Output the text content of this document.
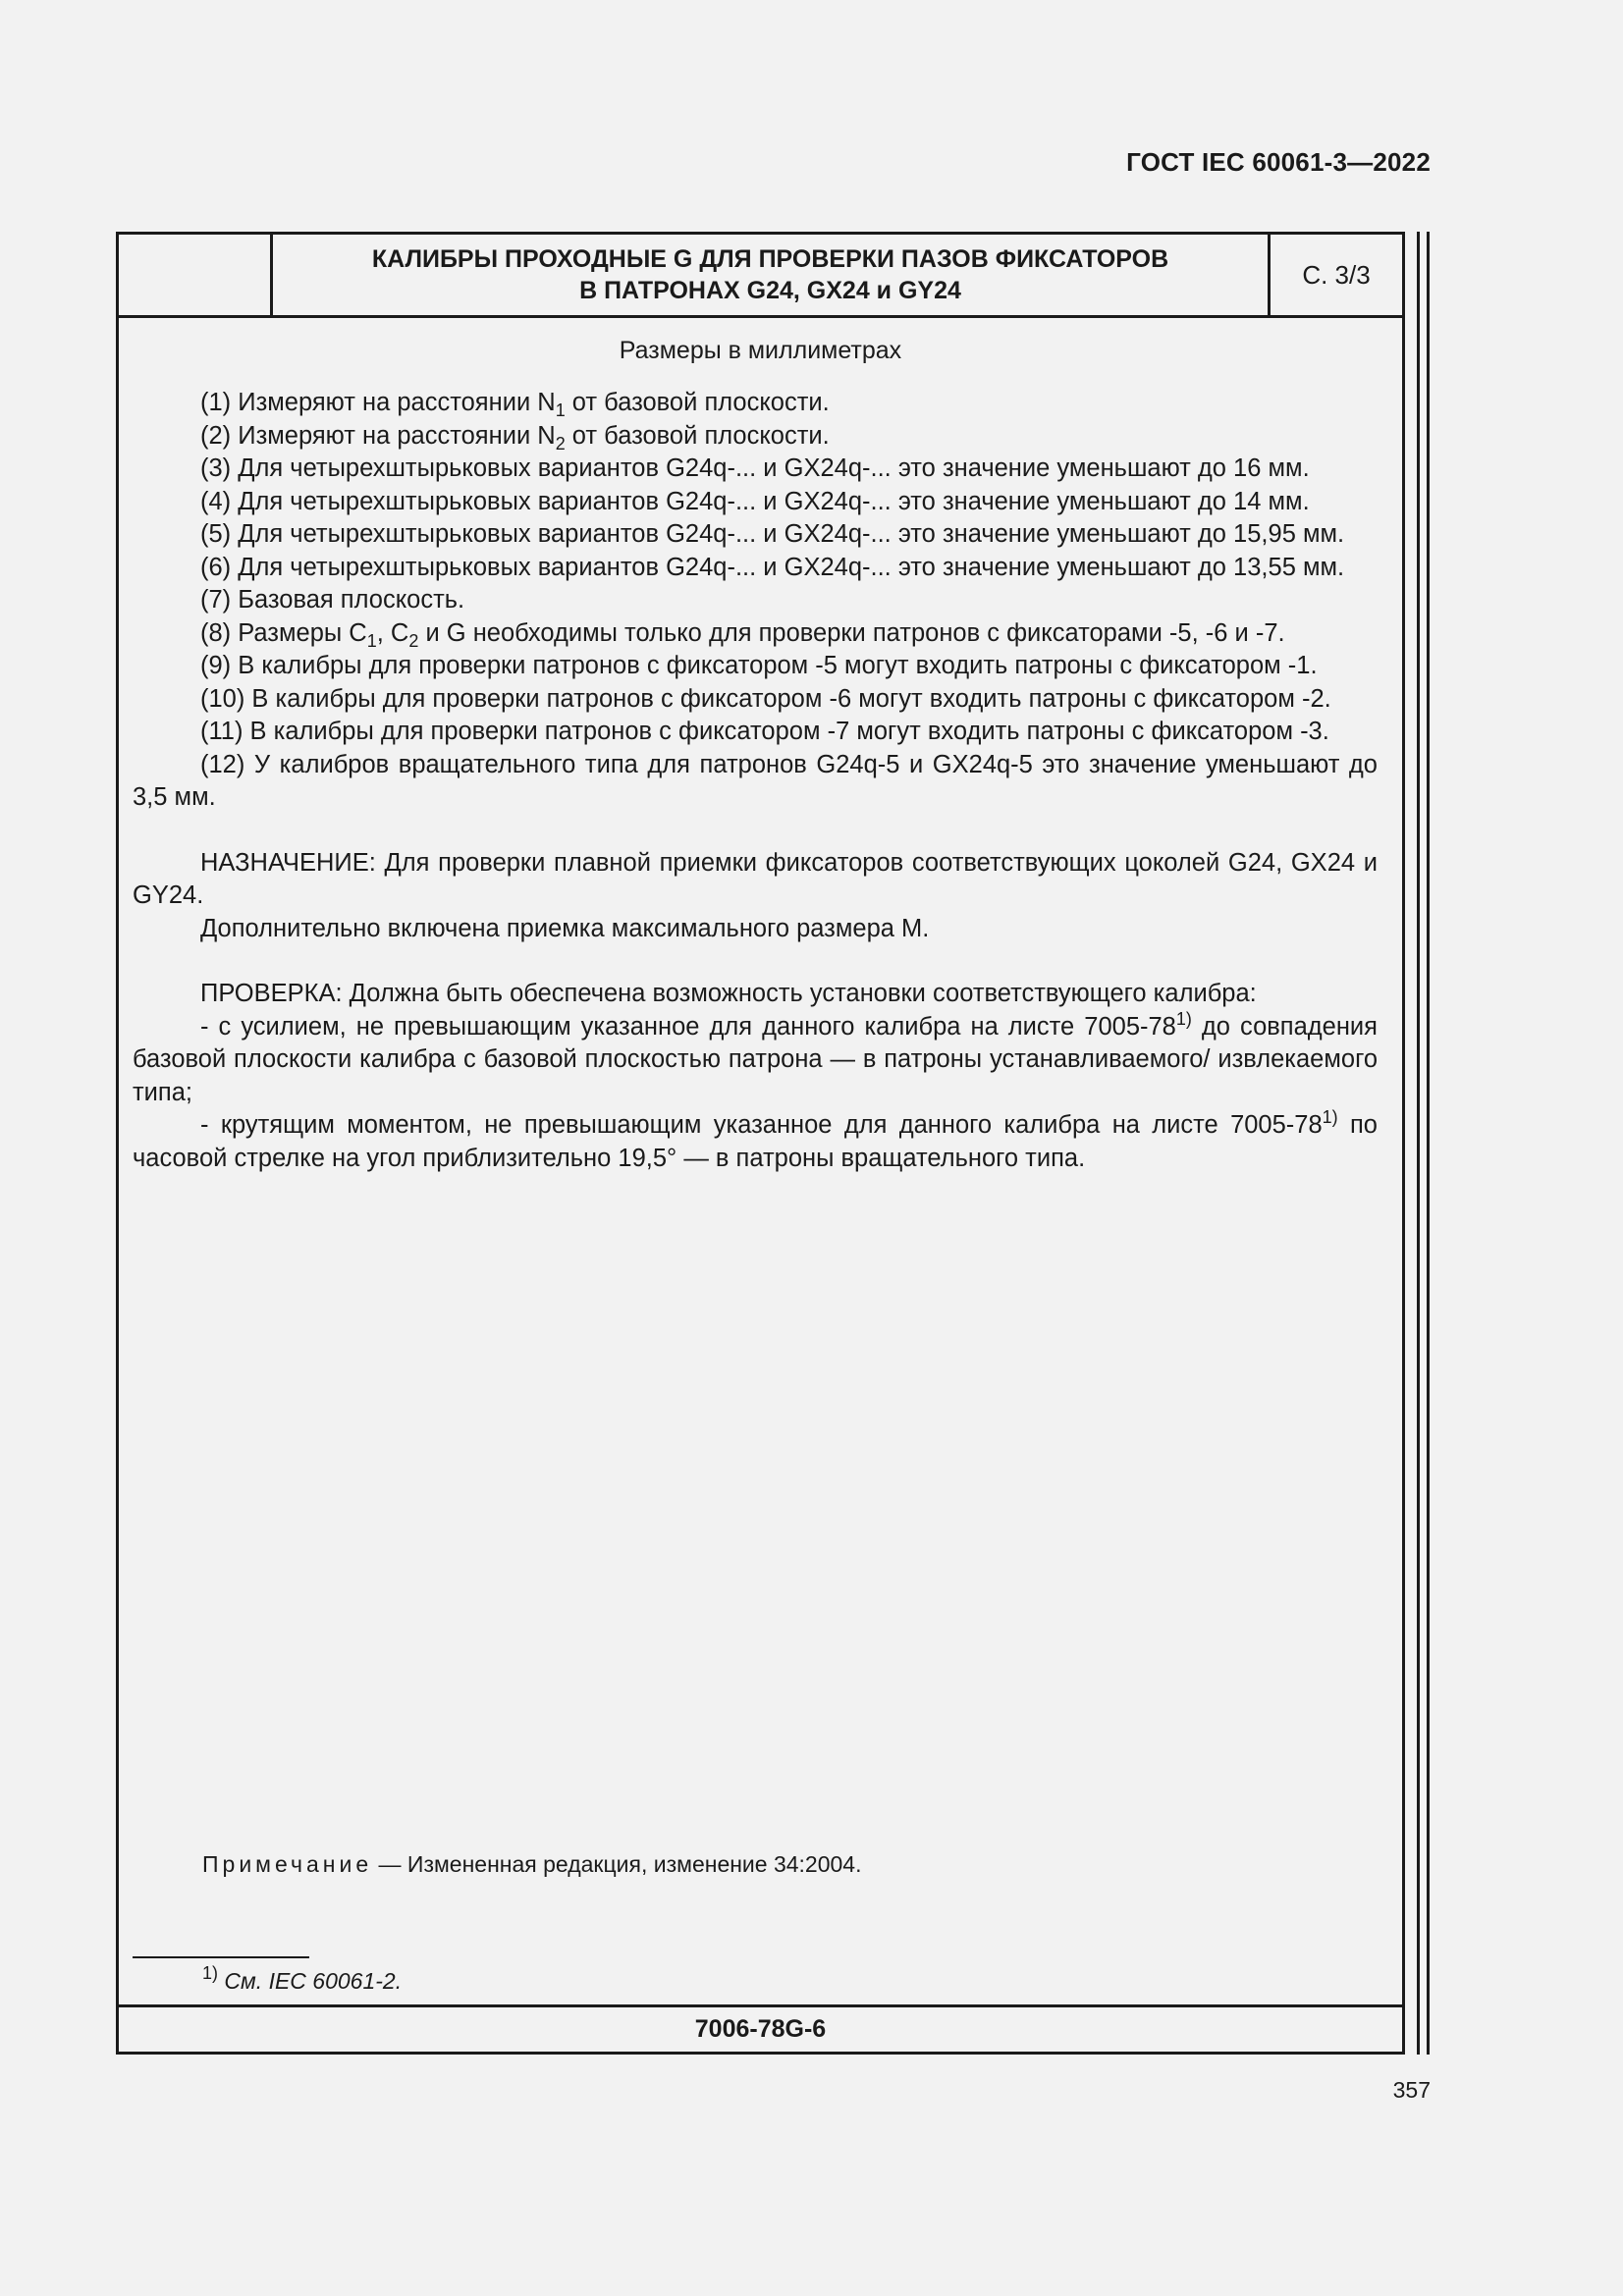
ГОСТ IEC 60061-3—2022
КАЛИБРЫ ПРОХОДНЫЕ G ДЛЯ ПРОВЕРКИ ПАЗОВ ФИКСАТОРОВ
В ПАТРОНАХ G24, GX24 и GY24
С. 3/3
Размеры в миллиметрах

(1) Измеряют на расстоянии $N_1$ от базовой плоскости.

(2) Измеряют на расстоянии $N_2$ от базовой плоскости.

(3) Для четырехштырьковых вариантов G24q-... и GX24q-... это значение уменьшают до 16 мм.

(4) Для четырехштырьковых вариантов G24q-... и GX24q-... это значение уменьшают до 14 мм.

(5) Для четырехштырьковых вариантов G24q-... и GX24q-... это значение уменьшают до 15,95 мм.

(6) Для четырехштырьковых вариантов G24q-... и GX24q-... это значение уменьшают до 13,55 мм.

(7) Базовая плоскость.

(8) Размеры $С_1$, $С_2$ и G необходимы только для проверки патронов с фиксаторами -5, -6 и -7.

(9) В калибры для проверки патронов с фиксатором -5 могут входить патроны с фиксатором -1.

(10) В калибры для проверки патронов с фиксатором -6 могут входить патроны с фиксатором -2.

(11) В калибры для проверки патронов с фиксатором -7 могут входить патроны с фиксатором -3.

(12) У калибров вращательного типа для патронов G24q-5 и GX24q-5 это значение уменьшают до 3,5 мм.

НАЗНАЧЕНИЕ: Для проверки плавной приемки фиксаторов соответствующих цоколей G24, GX24 и GY24.

Дополнительно включена приемка максимального размера М.

ПРОВЕРКА: Должна быть обеспечена возможность установки соответствующего калибра:

- с усилием, не превышающим указанное для данного калибра на листе 7005-78$^{1)}$ до совпадения базовой плоскости калибра с базовой плоскостью патрона — в патроны устанавливаемого/ извлекаемого типа;

- крутящим моментом, не превышающим указанное для данного калибра на листе 7005-78$^{1)}$ по часовой стрелке на угол приблизительно 19,5° — в патроны вращательного типа.

Примечание — Измененная редакция, изменение 34:2004.
$^{1)}$ См. IEC 60061-2.
7006-78G-6
357
